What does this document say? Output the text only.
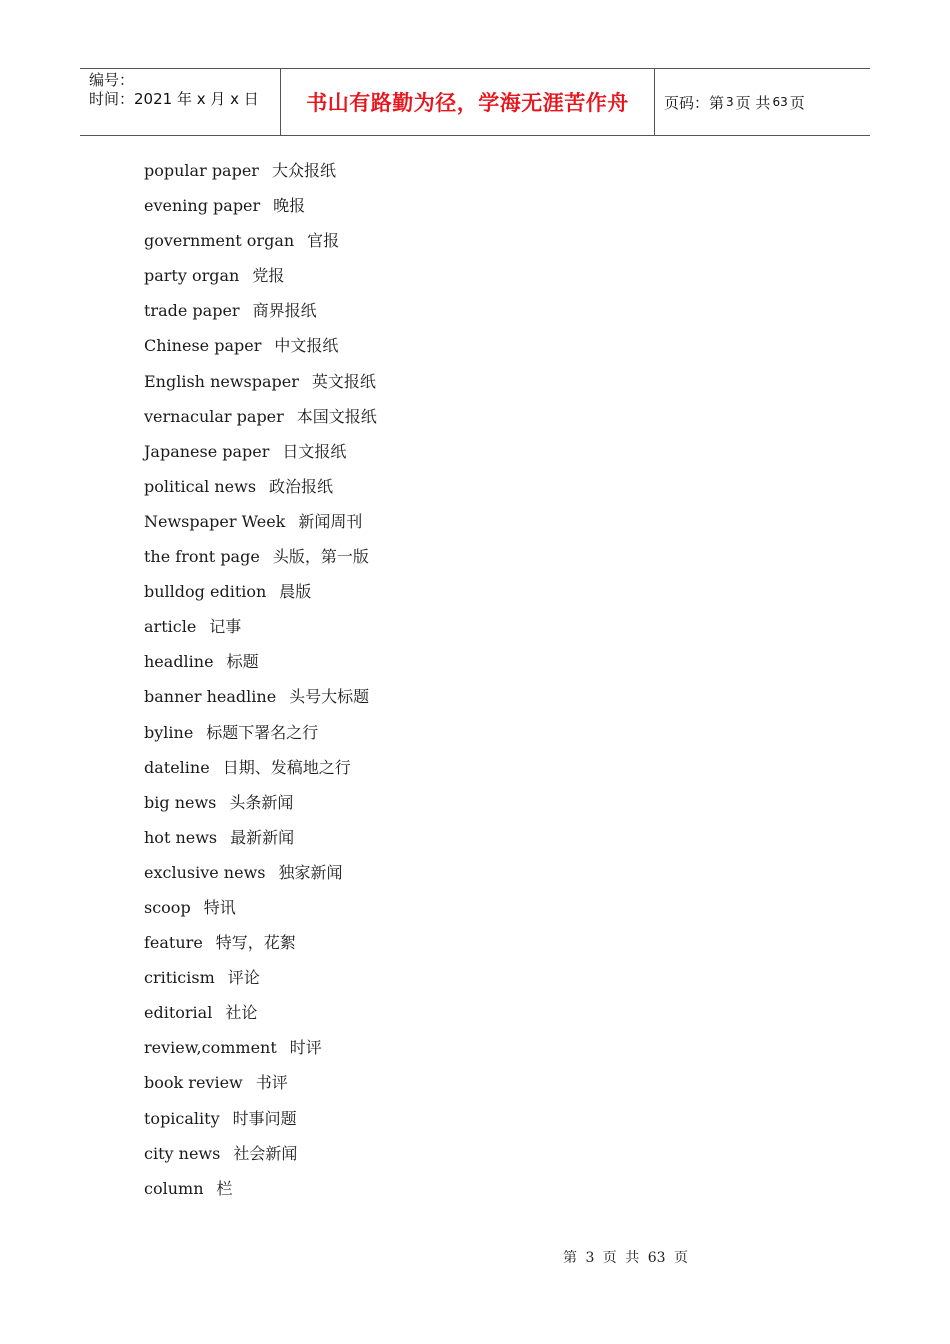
编号：
时间：2021 年 x 月 x 日	书山有路勤为径，学海无涯苦作舟	页码：第 3 页 共 63 页
popular paper 大众报纸
evening paper 晚报
government organ 官报
party organ 党报
trade paper 商界报纸
Chinese paper 中文报纸
English newspaper 英文报纸
vernacular paper 本国文报纸
Japanese paper 日文报纸
political news 政治报纸
Newspaper Week 新闻周刊
the front page 头版，第一版
bulldog edition 晨版
article 记事
headline 标题
banner headline 头号大标题
byline 标题下署名之行
dateline 日期、发稿地之行
big news 头条新闻
hot news 最新新闻
exclusive news 独家新闻
scoop 特讯
feature 特写，花絮
criticism 评论
editorial 社论
review,comment 时评
book review 书评
topicality 时事问题
city news 社会新闻
column 栏
第 3 页 共 63 页
